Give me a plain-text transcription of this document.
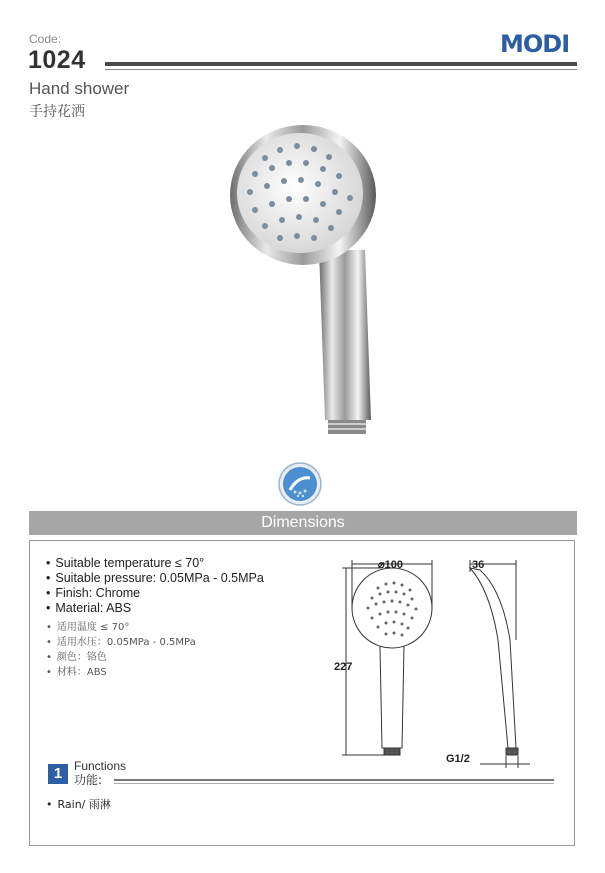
Code:
1024
MODI
Hand shower
手持花洒
Dimensions
• Suitable temperature ≤ 70°
• Suitable pressure: 0.05MPa - 0.5MPa
• Finish: Chrome
• Material: ABS
• 适用温度 ≤ 70°
• 适用水压：0.05MPa - 0.5MPa
• 颜色：铬色
• 材料：ABS
⌀100
227
36
G1/2
1 Functions
功能:
• Rain/ 雨淋
